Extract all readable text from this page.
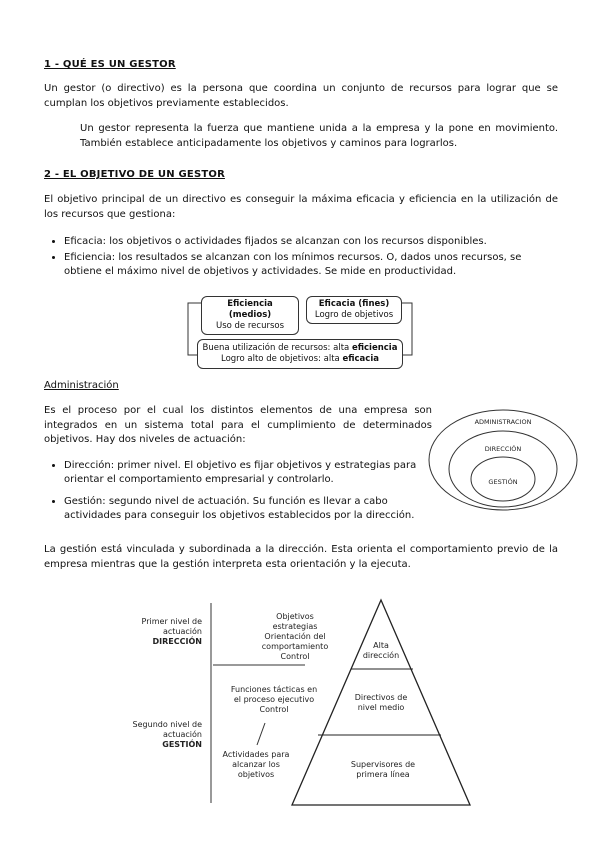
1 - QUÉ ES UN GESTOR
Un gestor (o directivo) es la persona que coordina un conjunto de recursos para lograr que se cumplan los objetivos previamente establecidos.
Un gestor representa la fuerza que mantiene unida a la empresa y la pone en movimiento. También establece anticipadamente los objetivos y caminos para lograrlos.
2 - EL OBJETIVO DE UN GESTOR
El objetivo principal de un directivo es conseguir la máxima eficacia y eficiencia en la utilización de los recursos que gestiona:
• Eficacia: los objetivos o actividades fijados se alcanzan con los recursos disponibles.
• Eficiencia: los resultados se alcanzan con los mínimos recursos. O, dados unos recursos, se obtiene el máximo nivel de objetivos y actividades. Se mide en productividad.
Eficiencia (medios)
Uso de recursos
Eficacia (fines)
Logro de objetivos
Buena utilización de recursos: alta eficiencia
Logro alto de objetivos: alta eficacia
Administración
Es el proceso por el cual los distintos elementos de una empresa son integrados en un sistema total para el cumplimiento de determinados objetivos. Hay dos niveles de actuación:
ADMINISTRACION
DIRECCIÓN
GESTIÓN
• Dirección: primer nivel. El objetivo es fijar objetivos y estrategias para orientar el comportamiento empresarial y controlarlo.
• Gestión: segundo nivel de actuación. Su función es llevar a cabo actividades para conseguir los objetivos establecidos por la dirección.
La gestión está vinculada y subordinada a la dirección. Esta orienta el comportamiento previo de la empresa mientras que la gestión interpreta esta orientación y la ejecuta.
Primer nivel de actuación
DIRECCIÓN
Segundo nivel de actuación
GESTIÓN
Objetivos estrategias Orientación del comportamiento Control
Funciones tácticas en el proceso ejecutivo Control
Actividades para alcanzar los objetivos
Alta dirección
Directivos de nivel medio
Supervisores de primera línea
